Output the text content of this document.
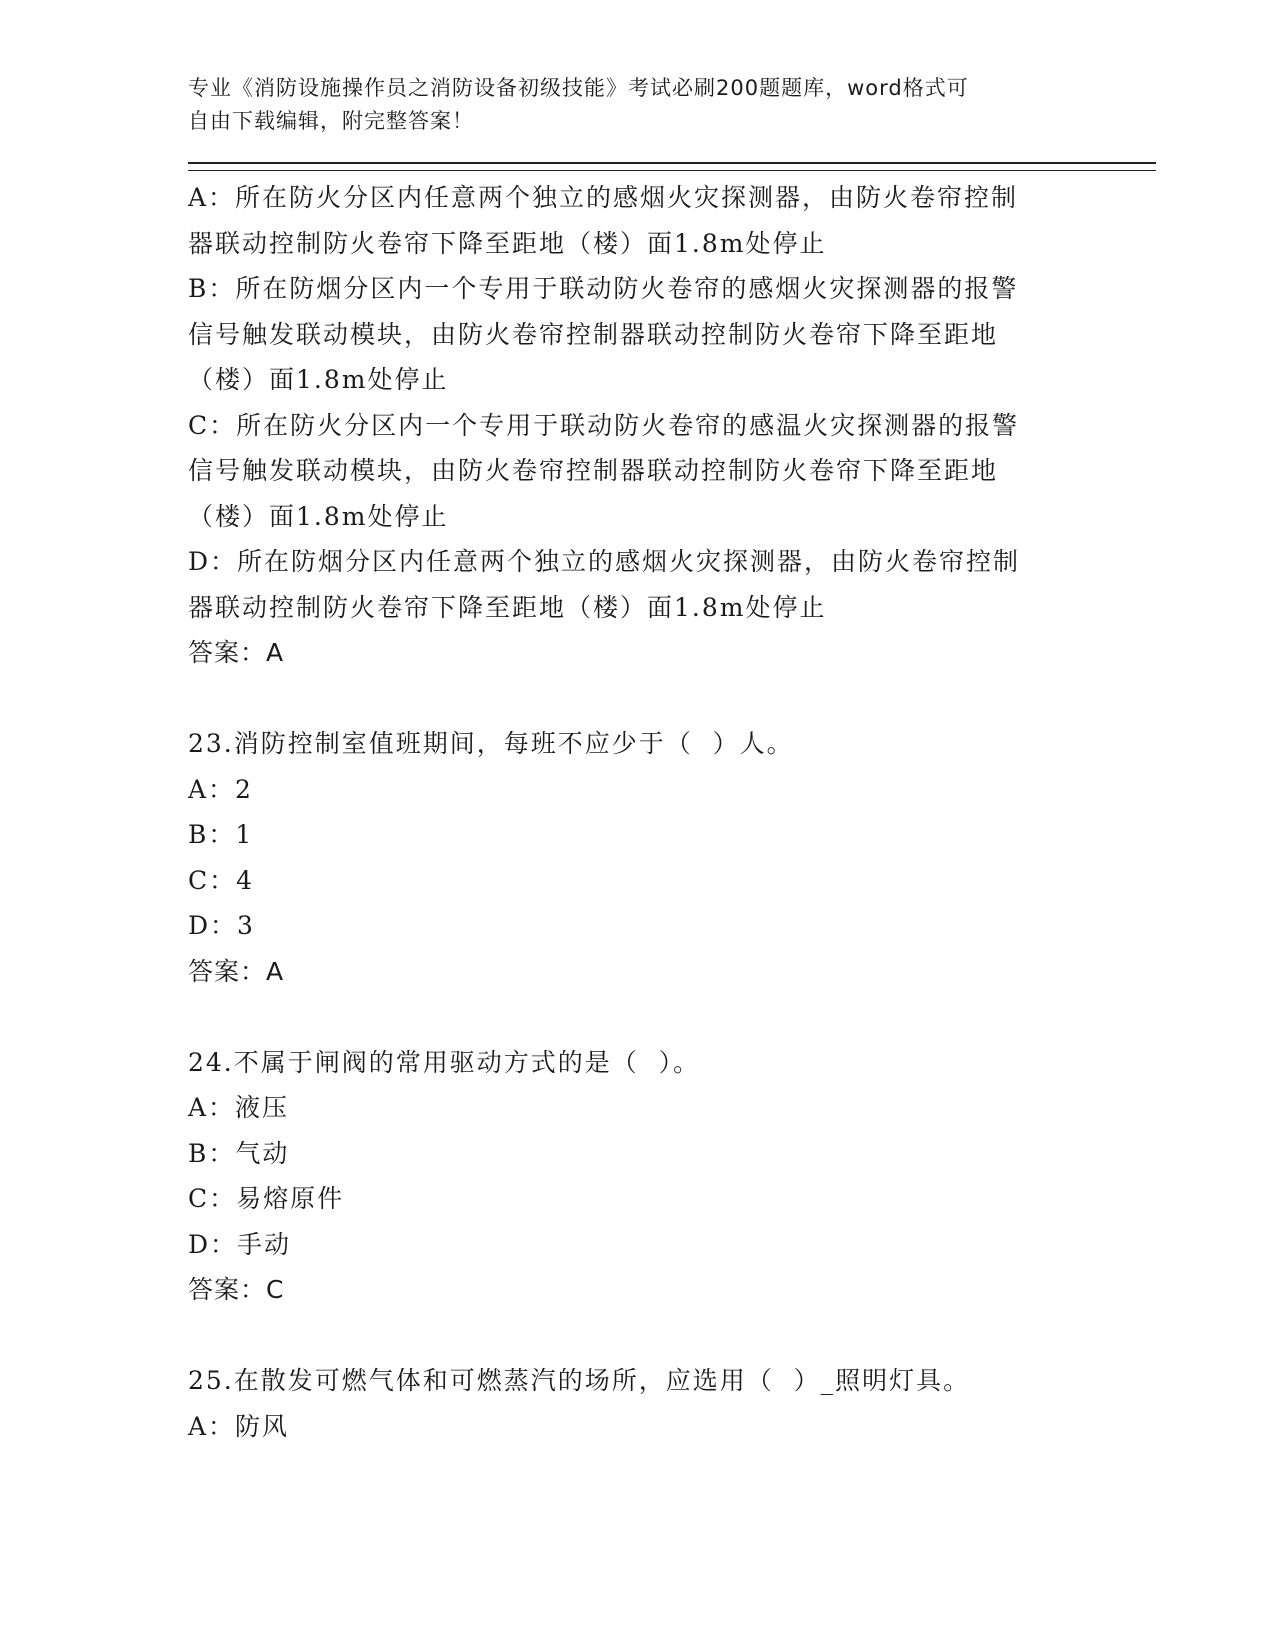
专业《消防设施操作员之消防设备初级技能》考试必刷200题题库，word格式可
自由下载编辑，附完整答案！
A：所在防火分区内任意两个独立的感烟火灾探测器，由防火卷帘控制
器联动控制防火卷帘下降至距地（楼）面1.8m处停止
B：所在防烟分区内一个专用于联动防火卷帘的感烟火灾探测器的报警
信号触发联动模块，由防火卷帘控制器联动控制防火卷帘下降至距地
（楼）面1.8m处停止
C：所在防火分区内一个专用于联动防火卷帘的感温火灾探测器的报警
信号触发联动模块，由防火卷帘控制器联动控制防火卷帘下降至距地
（楼）面1.8m处停止
D：所在防烟分区内任意两个独立的感烟火灾探测器，由防火卷帘控制
器联动控制防火卷帘下降至距地（楼）面1.8m处停止
答案：A
23.消防控制室值班期间，每班不应少于（  ）人。
A：2
B：1
C：4
D：3
答案：A
24.不属于闸阀的常用驱动方式的是（  ）。
A：液压
B：气动
C：易熔原件
D：手动
答案：C
25.在散发可燃气体和可燃蒸汽的场所，应选用（  ）_照明灯具。
A：防风
